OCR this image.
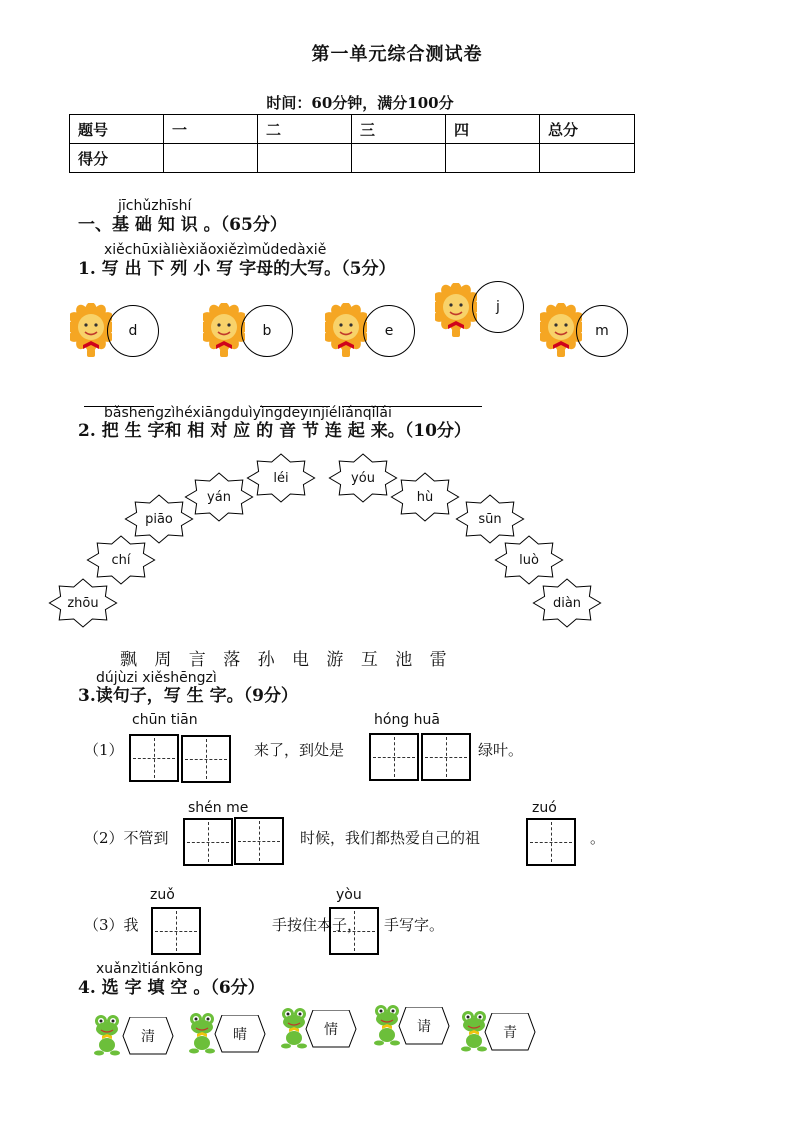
第一单元综合测试卷
时间：60分钟，满分100分
题号	一	二	三	四	总分
得分					
jīchǔzhīshí
一、基 础 知 识 。（65分）
xiěchūxiàlièxiǎoxiězìmǔdedàxiě
1. 写 出 下 列 小 写 字母的大写。（5分）
d	b	e
j
m
bǎshēngzìhéxiāngduìyìngdeyīnjiéliánqǐlái
2. 把 生 字和 相 对 应 的 音 节 连 起 来。（10分）
zhōu
chí
piāo
yán
léi	yóu
hù
sūn
luò
diàn
飘 周 言 落 孙 电 游 互 池 雷
dújùzi xiěshēngzì
3.读句子，写 生 字。（9分）
chūn tiān
（1）	来了，到处是
hóng huā
绿叶。
（2）不管到
shén me
时候，我们都热爱自己的祖
zuó
。
（3）我
zuǒ
手按住本子，
yòu
手写字。
xuǎnzìtiánkōng
4. 选 字 填 空 。（6分）
清	晴	情	请	青
